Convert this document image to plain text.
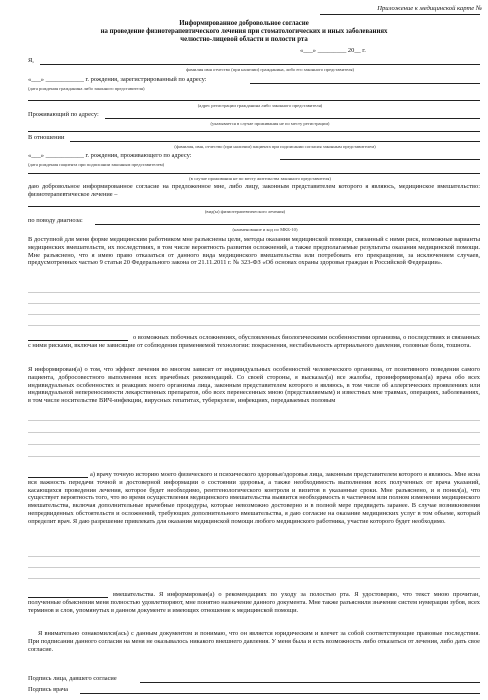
Приложение к медицинской карте №
Информированное добровольное согласие
на проведение физиотерапевтического лечения при стоматологических и иных заболеваниях
челюстно-лицевой области и полости рта
«___» _________ 20__ г.
Я,
фамилия имя отчество (при наличии) гражданина, либо его законного представителя)
«___» ____________ г. рождения, зарегистрированный по адресу:
(дата рождения гражданина либо законного представителя)
(адрес регистрации гражданина либо законного представителя)
Проживающий по адресу:
(указывается в случае проживания не по месту регистрации)
В отношении
(фамилия, имя, отчество (при наличии) пациента при подписании согласия законным представителем)
«___» ____________ г. рождения, проживающего по адресу:
(дата рождения пациента при подписании законным представителем)
(в случае проживания не по месту жительства законного представителя)
даю добровольное информированное согласие на предложенное мне, либо лицу, законным представителем которого я являюсь, медицинское вмешательство: физиотерапевтическое лечение –
(вид(ы) физиотерапевтического лечения)
по поводу диагноза:
(наименование и код по МКБ-10)
В доступной для меня форме медицинским работником мне разъяснены цели, методы оказания медицинской помощи, связанный с ними риск, возможные варианты медицинских вмешательств, их последствиях, в том числе вероятность развития осложнений, а также предполагаемые результаты оказания медицинской помощи. Мне разъяснено, что я имею право отказаться от данного вида медицинского вмешательства или потребовать его прекращения, за исключением случаев, предусмотренных частью 9 статьи 20 Федерального закона от 21.11.2011 г. № 323-ФЗ «Об основах охраны здоровья граждан в Российской Федерации».
о возможных побочных осложнениях, обусловленных биологическими особенностями организма, о последствиях и связанных с ними рисками, включая не зависящие от соблюдения применяемой технологии: покраснения, нестабильность артериального давления, головные боли, тошнота.
Я информирован(а) о том, что эффект лечения во многом зависит от индивидуальных особенностей человеческого организма, от позитивного поведения самого пациента, добросовестного выполнения всех врачебных рекомендаций. Со своей стороны, я высказал(а) все жалобы, проинформировал(а) врача обо всех индивидуальных особенностях и реакциях моего организма лица, законным представителем которого я являюсь, в том числе об аллергических проявлениях или индивидуальной непереносимости лекарственных препаратов, обо всех перенесенных мною (представляемым) и известных мне травмах, операциях, заболеваниях, в том числе носительстве ВИЧ-инфекции, вирусных гепатитах, туберкулезе, инфекциях, передаваемых половым
а) врачу точную историю моего физического и психического здоровья/здоровья лица, законным представителем которого я являюсь. Мне ясна вся важность передачи точной и достоверной информации о состоянии здоровья, а также необходимость выполнения всех полученных от врача указаний, касающихся проведения лечения, которое будет необходимо, рентгенологического контроля и визитов в указанные сроки. Мне разъяснено, и я понял(а), что существует вероятность того, что во время осуществления медицинского вмешательства выявится необходимость в частичном или полном изменении медицинского вмешательства, включая дополнительные врачебные процедуры, которые невозможно достоверно и в полной мере предвидеть заранее. В случае возникновения непредвиденных обстоятельств и осложнений, требующих дополнительного вмешательства, я даю согласие на оказание медицинских услуг в том объеме, который определит врач. Я даю разрешение привлекать для оказания медицинской помощи любого медицинского работника, участие которого будет необходимо.
вмешательства. Я информирован(а) о рекомендациях по уходу за полостью рта. Я удостоверяю, что текст мною прочитан, полученные объяснения меня полностью удовлетворяют, мне понятно назначение данного документа. Мне также разъяснили значение систем нумерации зубов, всех терминов и слов, упомянутых в данном документе и имеющих отношение к медицинской помощи.
Я внимательно ознакомился(ась) с данным документом и понимаю, что он является юридическим и влечет за собой соответствующие правовые последствия. При подписании данного согласия на меня не оказывалось никакого внешнего давления. У меня была и есть возможность либо отказаться от лечения, либо дать свое согласие.
Подпись лица, давшего согласие
Подпись врача
